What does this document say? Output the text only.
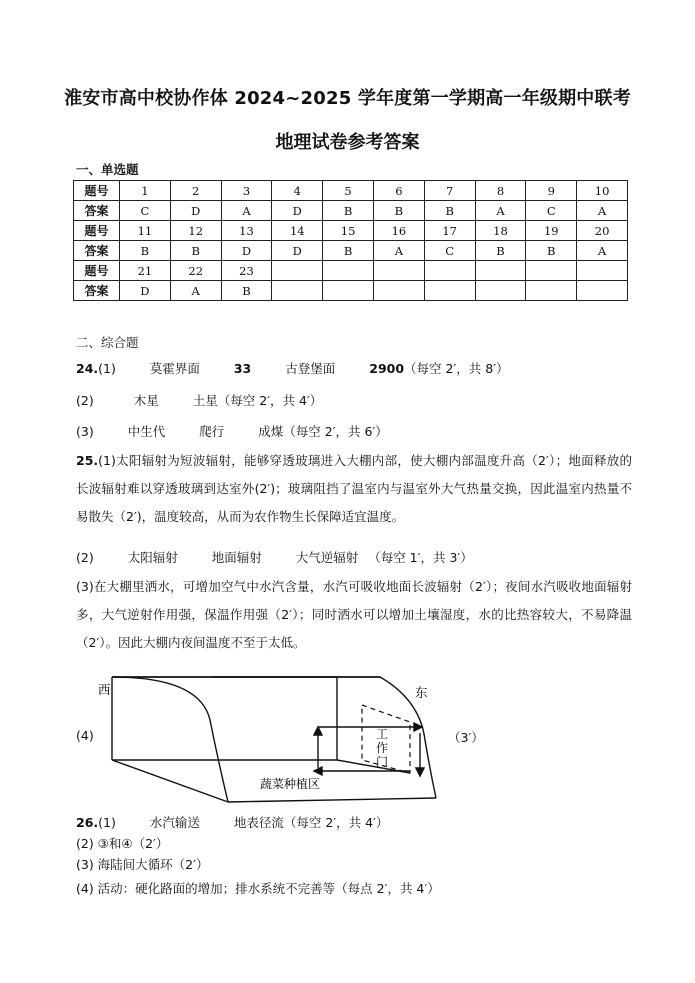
淮安市高中校协作体 2024~2025 学年度第一学期高一年级期中联考
地理试卷参考答案
一、单选题
题号	1	2	3	4	5	6	7	8	9	10
答案	C	D	A	D	B	B	B	A	C	A
题号	11	12	13	14	15	16	17	18	19	20
答案	B	B	D	D	B	A	C	B	B	A
题号	21	22	23							
答案	D	A	B							
二、综合题
24.(1)	莫霍界面	33	古登堡面	2900（每空 2′，共 8′）
(2)	木星	土星（每空 2′，共 4′）
(3)	中生代	爬行	成煤（每空 2′，共 6′）
25.(1)太阳辐射为短波辐射，能够穿透玻璃进入大棚内部，使大棚内部温度升高（2′）；地面释放的长波辐射难以穿透玻璃到达室外(2′)；玻璃阻挡了温室内与温室外大气热量交换，因此温室内热量不易散失（2′)，温度较高，从而为农作物生长保障适宜温度。
(2)	太阳辐射	地面辐射	大气逆辐射 （每空 1′，共 3′）
(3)在大棚里洒水，可增加空气中水汽含量，水汽可吸收地面长波辐射（2′）；夜间水汽吸收地面辐射多，大气逆射作用强，保温作用强（2′）；同时洒水可以增加土壤湿度，水的比热容较大，不易降温（2′）。因此大棚内夜间温度不至于太低。
(4)	（3′）
西	东
工作门
蔬菜种植区
26.(1)	水汽输送	地表径流（每空 2′，共 4′）
(2) ③和④（2′）
(3) 海陆间大循环（2′）
(4) 活动：硬化路面的增加；排水系统不完善等（每点 2′，共 4′）
